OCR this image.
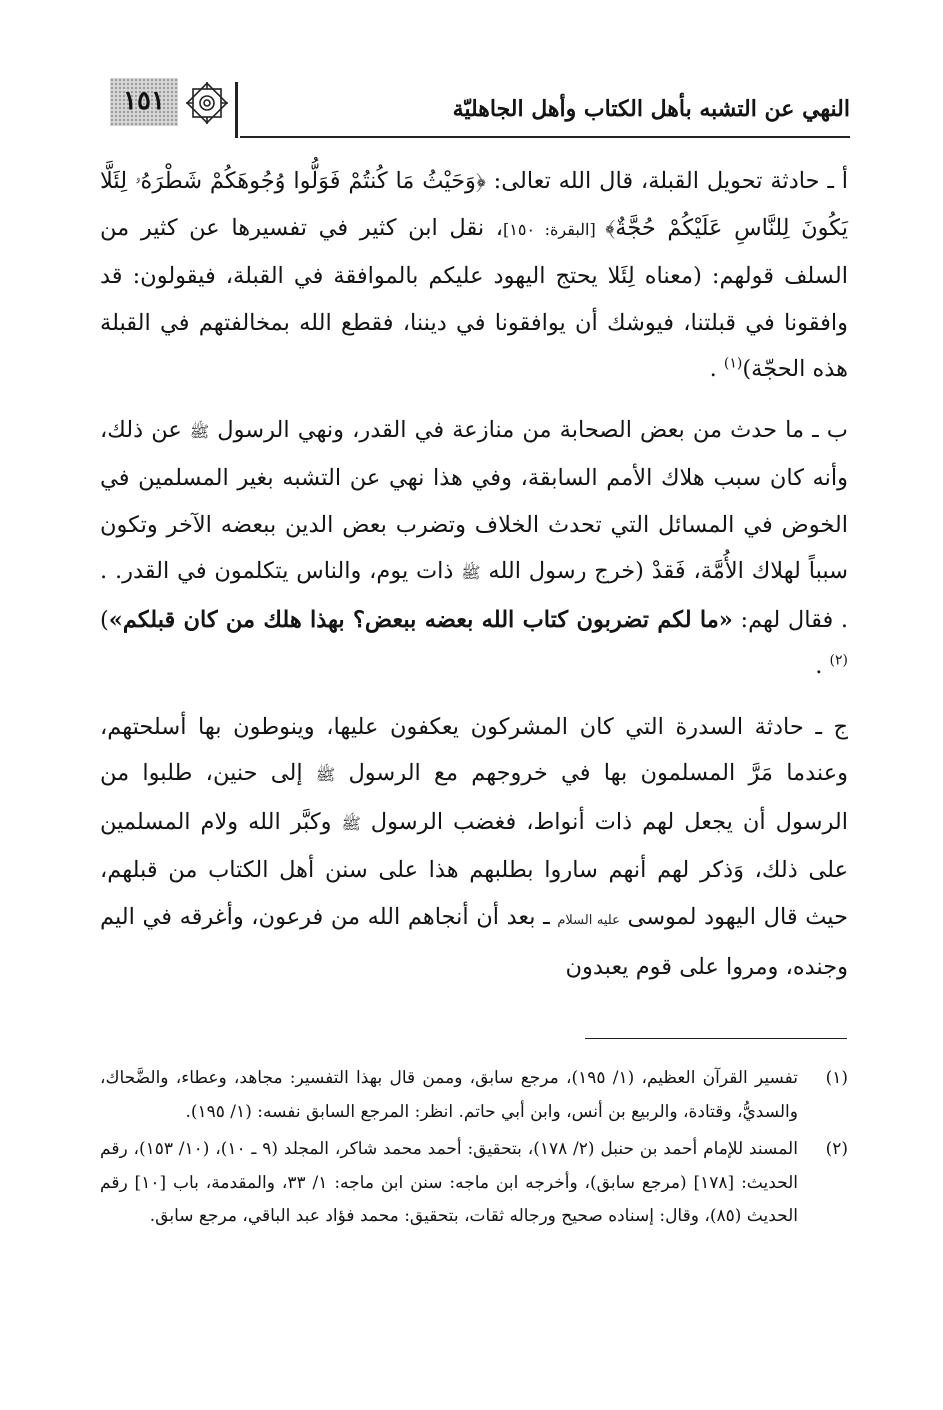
١٥١	النهي عن التشبه بأهل الكتاب وأهل الجاهليّة

أ ـ حادثة تحويل القبلة، قال الله تعالى: ﴿وَحَيْثُ مَا كُنتُمْ فَوَلُّوا وُجُوهَكُمْ شَطْرَهُۥ لِئَلَّا يَكُونَ لِلنَّاسِ عَلَيْكُمْ حُجَّةٌ﴾ [البقرة: ١٥٠]، نقل ابن كثير في تفسيرها عن كثير من السلف قولهم: (معناه لِئَلا يحتج اليهود عليكم بالموافقة في القبلة، فيقولون: قد وافقونا في قبلتنا، فيوشك أن يوافقونا في ديننا، فقطع الله بمخالفتهم في القبلة هذه الحجّة)$^{(١)}$ .

ب ـ ما حدث من بعض الصحابة من منازعة في القدر، ونهي الرسول ﷺ عن ذلك، وأنه كان سبب هلاك الأمم السابقة، وفي هذا نهي عن التشبه بغير المسلمين في الخوض في المسائل التي تحدث الخلاف وتضرب بعض الدين ببعضه الآخر وتكون سبباً لهلاك الأُمَّة، فَقدْ (خرج رسول الله ﷺ ذات يوم، والناس يتكلمون في القدر. . . فقال لهم: «ما لكم تضربون كتاب الله بعضه ببعض؟ بهذا هلك من كان قبلكم»)$^{(٢)}$ .

ج ـ حادثة السدرة التي كان المشركون يعكفون عليها، وينوطون بها أسلحتهم، وعندما مَرَّ المسلمون بها في خروجهم مع الرسول ﷺ إلى حنين، طلبوا من الرسول أن يجعل لهم ذات أنواط، فغضب الرسول ﷺ وكبَّر الله ولام المسلمين على ذلك، وَذكر لهم أنهم ساروا بطلبهم هذا على سنن أهل الكتاب من قبلهم، حيث قال اليهود لموسى عليه السلام ـ بعد أن أنجاهم الله من فرعون، وأغرقه في اليم وجنده، ومروا على قوم يعبدون

(١)
تفسير القرآن العظيم، (١/ ١٩٥)، مرجع سابق، وممن قال بهذا التفسير: مجاهد، وعطاء، والضَّحاك، والسديُّ، وقتادة، والربيع بن أنس، وابن أبي حاتم. انظر: المرجع السابق نفسه: (١/ ١٩٥).
(٢)
المسند للإمام أحمد بن حنبل (٢/ ١٧٨)، بتحقيق: أحمد محمد شاكر، المجلد (٩ ـ ١٠)، (١٠/ ١٥٣)، رقم الحديث: [١٧٨] (مرجع سابق)، وأخرجه ابن ماجه: سنن ابن ماجه: ١/ ٣٣، والمقدمة، باب [١٠] رقم الحديث (٨٥)، وقال: إسناده صحيح ورجاله ثقات، بتحقيق: محمد فؤاد عبد الباقي، مرجع سابق.
